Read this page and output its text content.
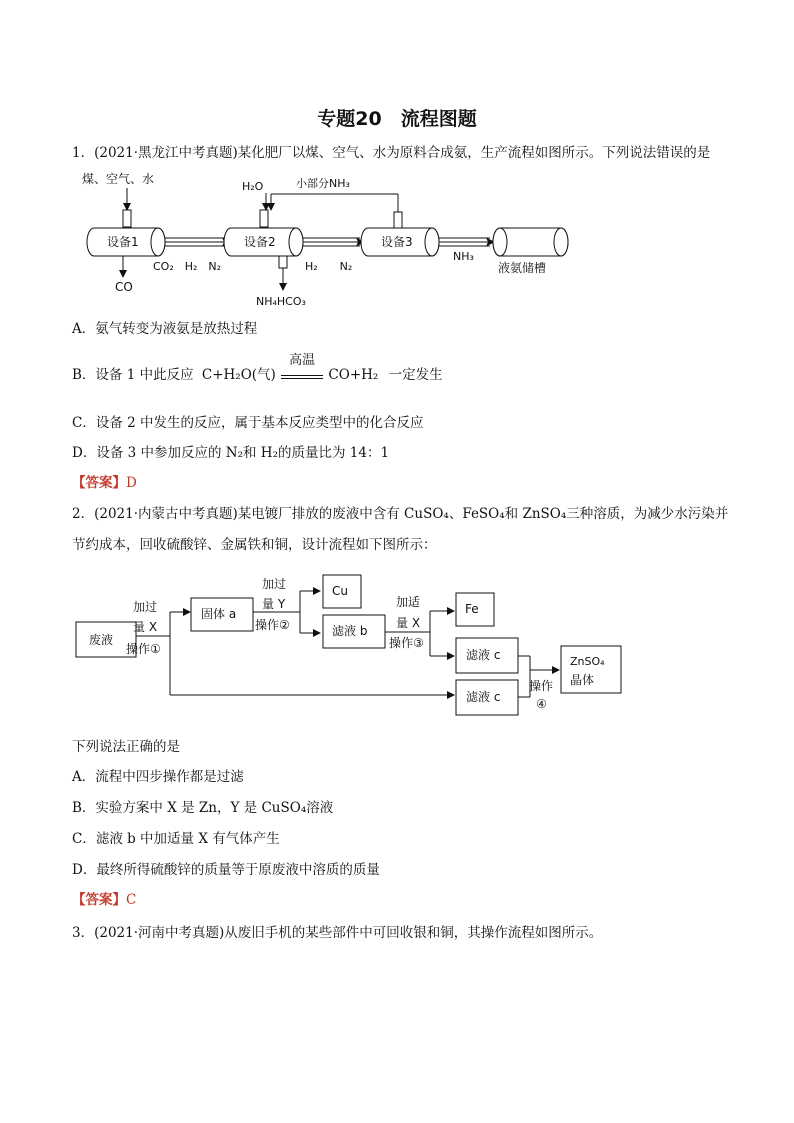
专题20　流程图题
1．(2021·黑龙江中考真题)某化肥厂以煤、空气、水为原料合成氨，生产流程如图所示。下列说法错误的是
煤、空气、水
设备1
CO
CO₂　H₂　N₂
H₂O
设备2
NH₄HCO₃
小部分NH₃
H₂　　N₂
设备3
NH₃
液氨储槽
废液
加过
量 X
操作①
固体 a
加过
量 Y
操作②
Cu
滤液 b
加适
量 X
操作③
Fe
滤液 c
滤液 c
操作
④
ZnSO₄
晶体
A．氨气转变为液氨是放热过程
B．设备 1 中此反应 C+H₂O(气)
高温
CO+H₂ 一定发生
C．设备 2 中发生的反应，属于基本反应类型中的化合反应
D．设备 3 中参加反应的 N₂和 H₂的质量比为 14：1
【答案】D
2．(2021·内蒙古中考真题)某电镀厂排放的废液中含有 CuSO₄、FeSO₄和 ZnSO₄三种溶质，为减少水污染并
节约成本，回收硫酸锌、金属铁和铜，设计流程如下图所示：
下列说法正确的是
A．流程中四步操作都是过滤
B．实验方案中 X 是 Zn，Y 是 CuSO₄溶液
C．滤液 b 中加适量 X 有气体产生
D．最终所得硫酸锌的质量等于原废液中溶质的质量
【答案】C
3．(2021·河南中考真题)从废旧手机的某些部件中可回收银和铜，其操作流程如图所示。
